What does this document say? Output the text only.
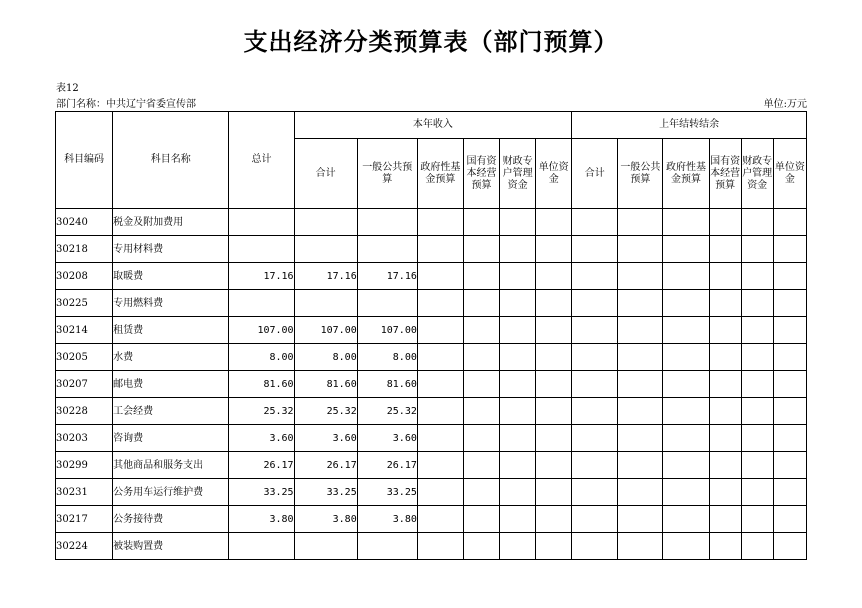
支出经济分类预算表（部门预算）
表12
部门名称：中共辽宁省委宣传部	单位:万元
科目编码	科目名称	总计	本年收入						上年结转结余					
			合计	一般公共预算	政府性基金预算	国有资本经营预算	财政专户管理资金	单位资金	合计	一般公共预算	政府性基金预算	国有资本经营预算	财政专户管理资金	单位资金
30240	税金及附加费用													
30218	专用材料费													
30208	取暖费	17.16	17.16	17.16										
30225	专用燃料费													
30214	租赁费	107.00	107.00	107.00										
30205	水费	8.00	8.00	8.00										
30207	邮电费	81.60	81.60	81.60										
30228	工会经费	25.32	25.32	25.32										
30203	咨询费	3.60	3.60	3.60										
30299	其他商品和服务支出	26.17	26.17	26.17										
30231	公务用车运行维护费	33.25	33.25	33.25										
30217	公务接待费	3.80	3.80	3.80										
30224	被装购置费													
